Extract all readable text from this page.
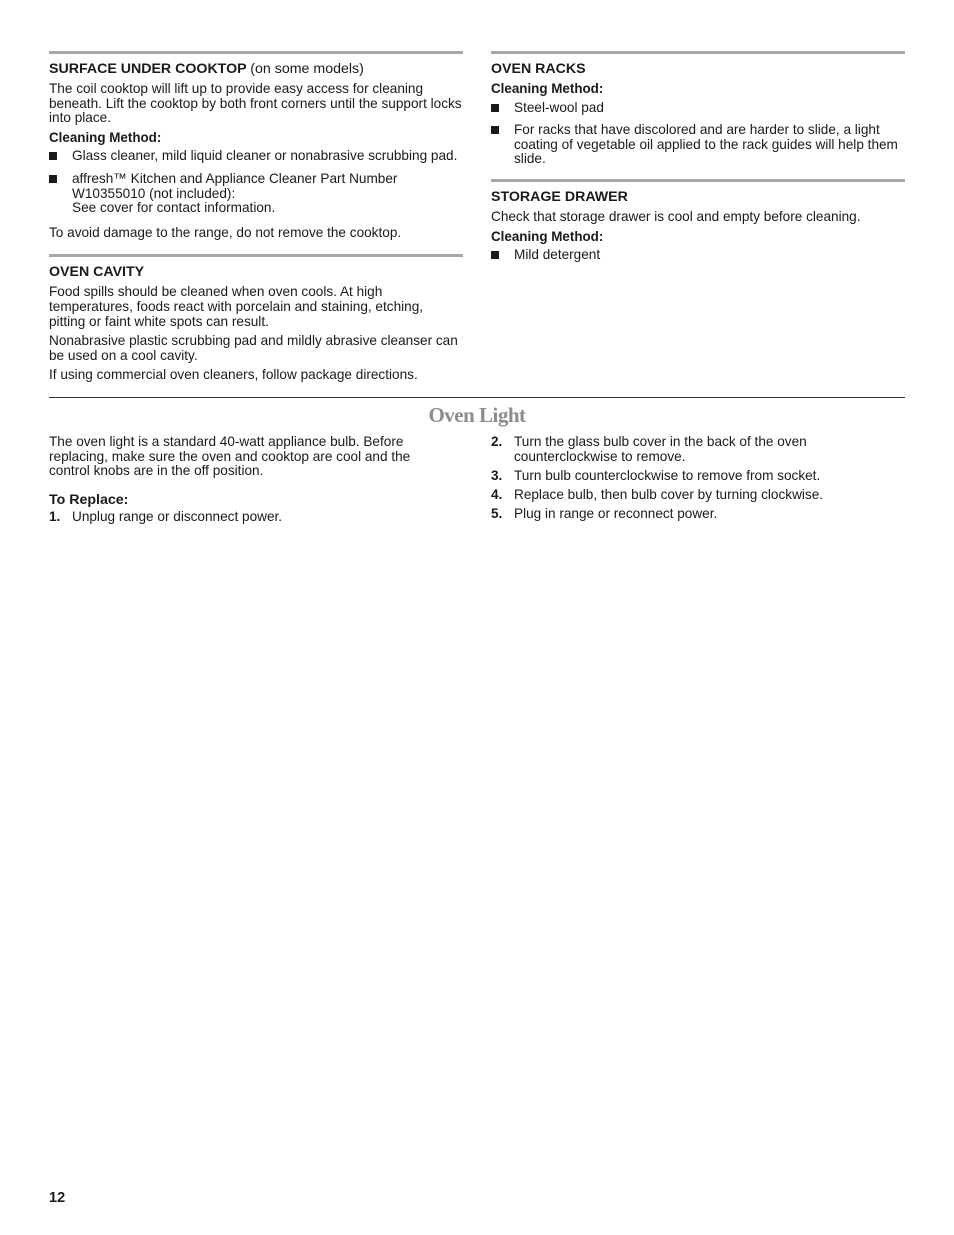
SURFACE UNDER COOKTOP (on some models)

The coil cooktop will lift up to provide easy access for cleaning beneath. Lift the cooktop by both front corners until the support locks into place.

Cleaning Method:
Glass cleaner, mild liquid cleaner or nonabrasive scrubbing pad.
affresh™ Kitchen and Appliance Cleaner Part Number W10355010 (not included):
See cover for contact information.

To avoid damage to the range, do not remove the cooktop.

OVEN CAVITY

Food spills should be cleaned when oven cools. At high temperatures, foods react with porcelain and staining, etching, pitting or faint white spots can result.

Nonabrasive plastic scrubbing pad and mildly abrasive cleanser can be used on a cool cavity.

If using commercial oven cleaners, follow package directions.

OVEN RACKS
Cleaning Method:
Steel-wool pad
For racks that have discolored and are harder to slide, a light coating of vegetable oil applied to the rack guides will help them slide.
STORAGE DRAWER

Check that storage drawer is cool and empty before cleaning.

Cleaning Method:
Mild detergent
Oven Light

The oven light is a standard 40-watt appliance bulb. Before replacing, make sure the oven and cooktop are cool and the control knobs are in the off position.

To Replace:
1. Unplug range or disconnect power.
2. Turn the glass bulb cover in the back of the oven counterclockwise to remove.
3. Turn bulb counterclockwise to remove from socket.
4. Replace bulb, then bulb cover by turning clockwise.
5. Plug in range or reconnect power.
12
